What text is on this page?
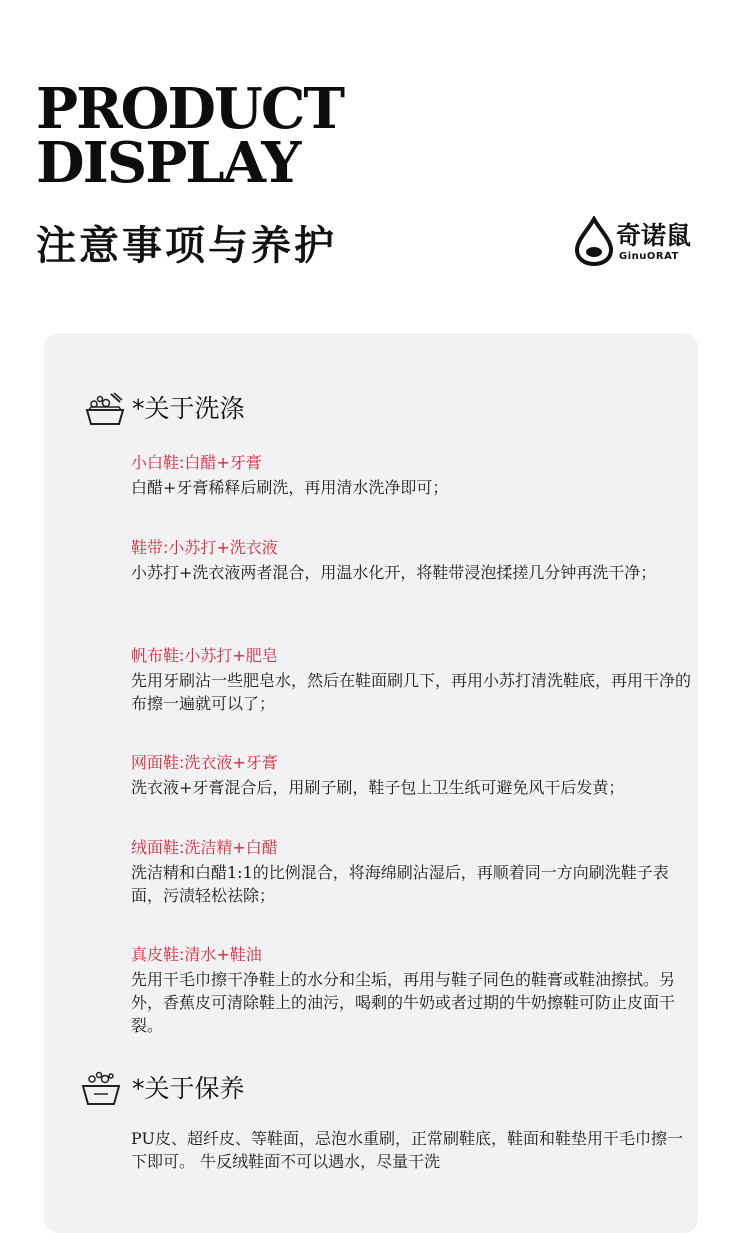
PRODUCT
DISPLAY
注意事项与养护	奇诺鼠
GinuORAT
*关于洗涤

小白鞋:白醋+牙膏

白醋+牙膏稀释后刷洗，再用清水洗净即可；

鞋带:小苏打+洗衣液

小苏打+洗衣液两者混合，用温水化开，将鞋带浸泡揉搓几分钟再洗干净；

帆布鞋:小苏打+肥皂

先用牙刷沾一些肥皂水，然后在鞋面刷几下，再用小苏打清洗鞋底，再用干净的布擦一遍就可以了；

网面鞋:洗衣液+牙膏

洗衣液+牙膏混合后，用刷子刷，鞋子包上卫生纸可避免风干后发黄；

绒面鞋:洗洁精+白醋

洗洁精和白醋1:1的比例混合，将海绵刷沾湿后，再顺着同一方向刷洗鞋子表面，污渍轻松祛除；

真皮鞋:清水+鞋油

先用干毛巾擦干净鞋上的水分和尘垢，再用与鞋子同色的鞋膏或鞋油擦拭。另外，香蕉皮可清除鞋上的油污，喝剩的牛奶或者过期的牛奶擦鞋可防止皮面干裂。

*关于保养

PU皮、超纤皮、等鞋面，忌泡水重刷，正常刷鞋底，鞋面和鞋垫用干毛巾擦一下即可。 牛反绒鞋面不可以遇水，尽量干洗
